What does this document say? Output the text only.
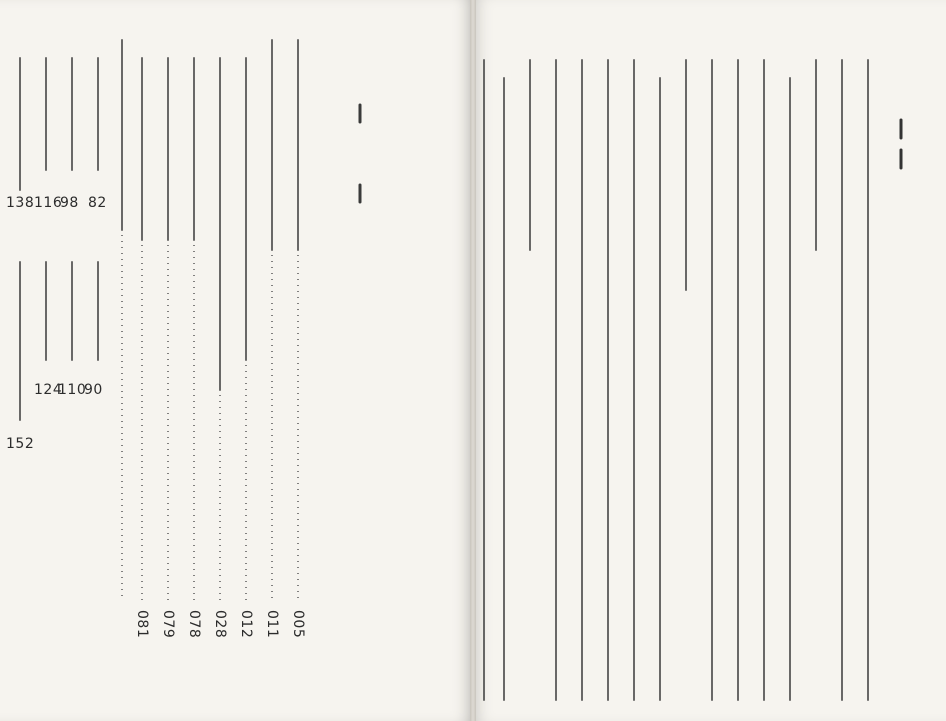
005
011
012
028
078
079
081
82
90
98
110
116
124
138
152
